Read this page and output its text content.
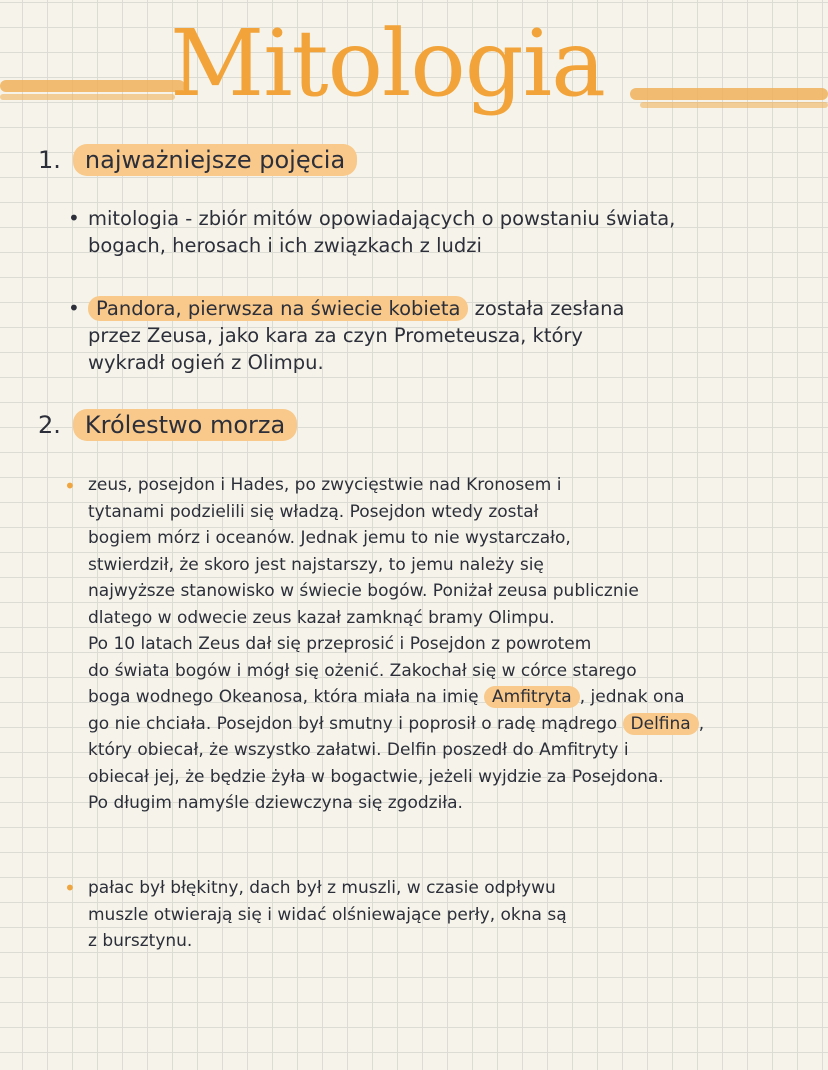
Mitologia
1. najważniejsze pojęcia
• mitologia - zbiór mitów opowiadających o powstaniu świata,
bogach, herosach i ich związkach z ludzi
• Pandora, pierwsza na świecie kobieta została zesłana
przez Zeusa, jako kara za czyn Prometeusza, który
wykradł ogień z Olimpu.
2. Królestwo morza
• zeus, posejdon i Hades, po zwycięstwie nad Kronosem i
tytanami podzielili się władzą. Posejdon wtedy został
bogiem mórz i oceanów. Jednak jemu to nie wystarczało,
stwierdził, że skoro jest najstarszy, to jemu należy się
najwyższe stanowisko w świecie bogów. Poniżał zeusa publicznie
dlatego w odwecie zeus kazał zamknąć bramy Olimpu.
Po 10 latach Zeus dał się przeprosić i Posejdon z powrotem
do świata bogów i mógł się ożenić. Zakochał się w córce starego
boga wodnego Okeanosa, która miała na imię Amfitryta , jednak ona
go nie chciała. Posejdon był smutny i poprosił o radę mądrego Delfina ,
który obiecał, że wszystko załatwi. Delfin poszedł do Amfitryty i
obiecał jej, że będzie żyła w bogactwie, jeżeli wyjdzie za Posejdona.
Po długim namyśle dziewczyna się zgodziła.
• pałac był błękitny, dach był z muszli, w czasie odpływu
muszle otwierają się i widać olśniewające perły, okna są
z bursztynu.
